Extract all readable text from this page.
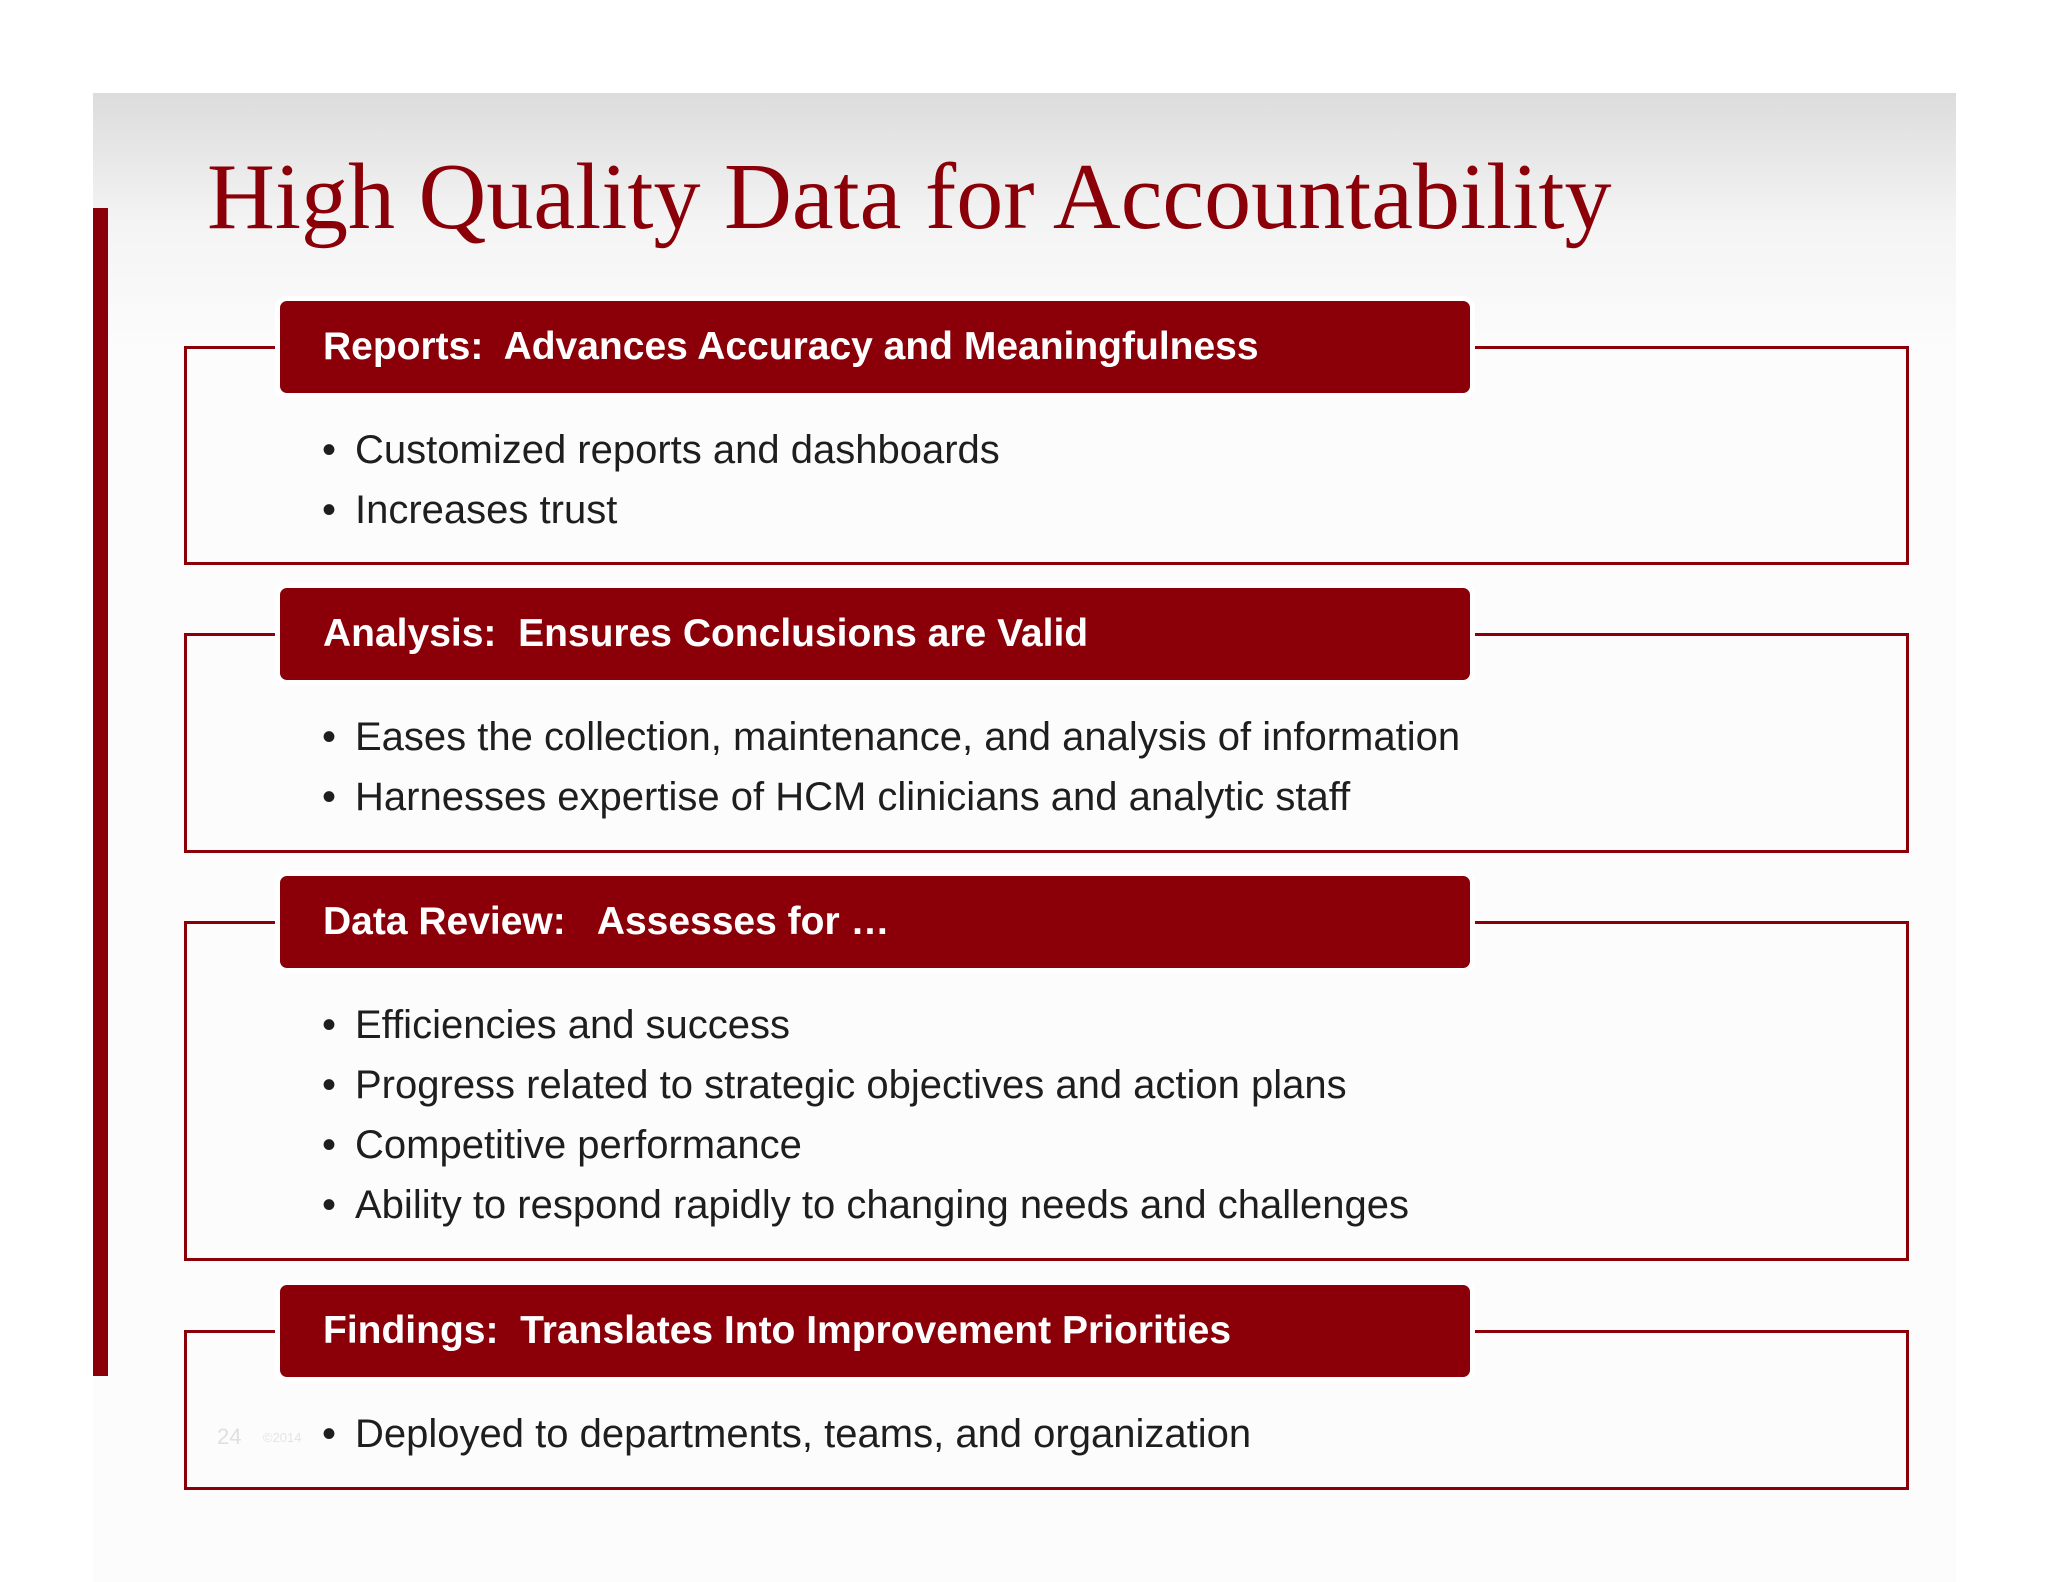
High Quality Data for Accountability
24 ©2014
Reports:  Advances Accuracy and Meaningfulness
• Customized reports and dashboards
• Increases trust
Analysis:  Ensures Conclusions are Valid
• Eases the collection, maintenance, and analysis of information
• Harnesses expertise of HCM clinicians and analytic staff
Data Review:   Assesses for …
• Efficiencies and success
• Progress related to strategic objectives and action plans
• Competitive performance
• Ability to respond rapidly to changing needs and challenges
Findings:  Translates Into Improvement Priorities
• Deployed to departments, teams, and organization
